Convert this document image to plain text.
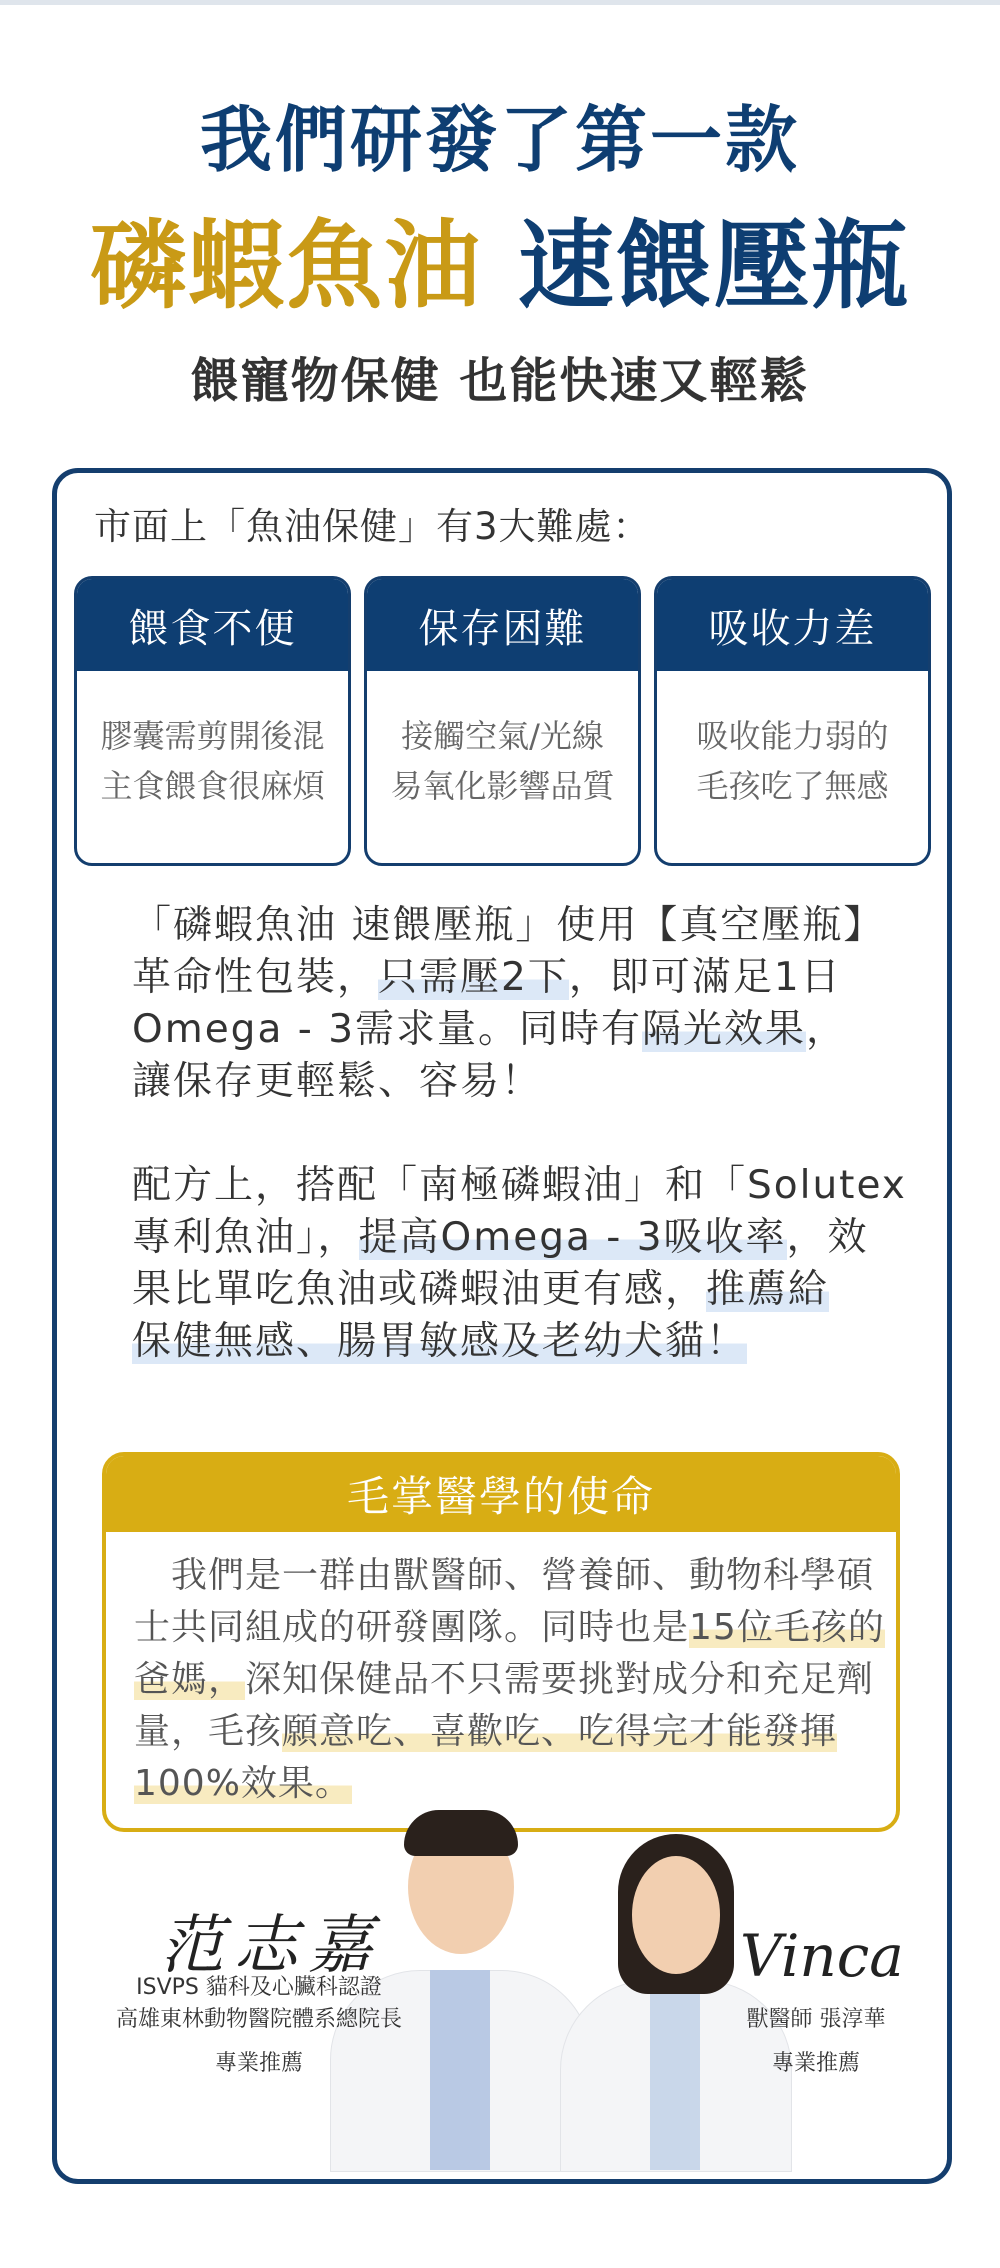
我們研發了第一款
磷蝦魚油 速餵壓瓶
餵寵物保健 也能快速又輕鬆

市面上「魚油保健」有3大難處：

餵食不便
膠囊需剪開後混
主食餵食很麻煩
保存困難
接觸空氣/光線
易氧化影響品質
吸收力差
吸收能力弱的
毛孩吃了無感
「磷蝦魚油 速餵壓瓶」使用【真空壓瓶】
革命性包裝，只需壓2下，即可滿足1日
Omega - 3需求量。同時有隔光效果，
讓保存更輕鬆、容易！
配方上，搭配「南極磷蝦油」和「Solutex
專利魚油」，提高Omega - 3吸收率，效
果比單吃魚油或磷蝦油更有感，推薦給
保健無感、腸胃敏感及老幼犬貓！
毛掌醫學的使命
　我們是一群由獸醫師、營養師、動物科學碩
士共同組成的研發團隊。同時也是15位毛孩的
爸媽，深知保健品不只需要挑對成分和充足劑
量，毛孩願意吃、喜歡吃、吃得完才能發揮
100%效果。
范志嘉
ISVPS 貓科及心臟科認證
高雄東林動物醫院體系總院長
專業推薦
Vinca
獸醫師 張淳華
專業推薦
